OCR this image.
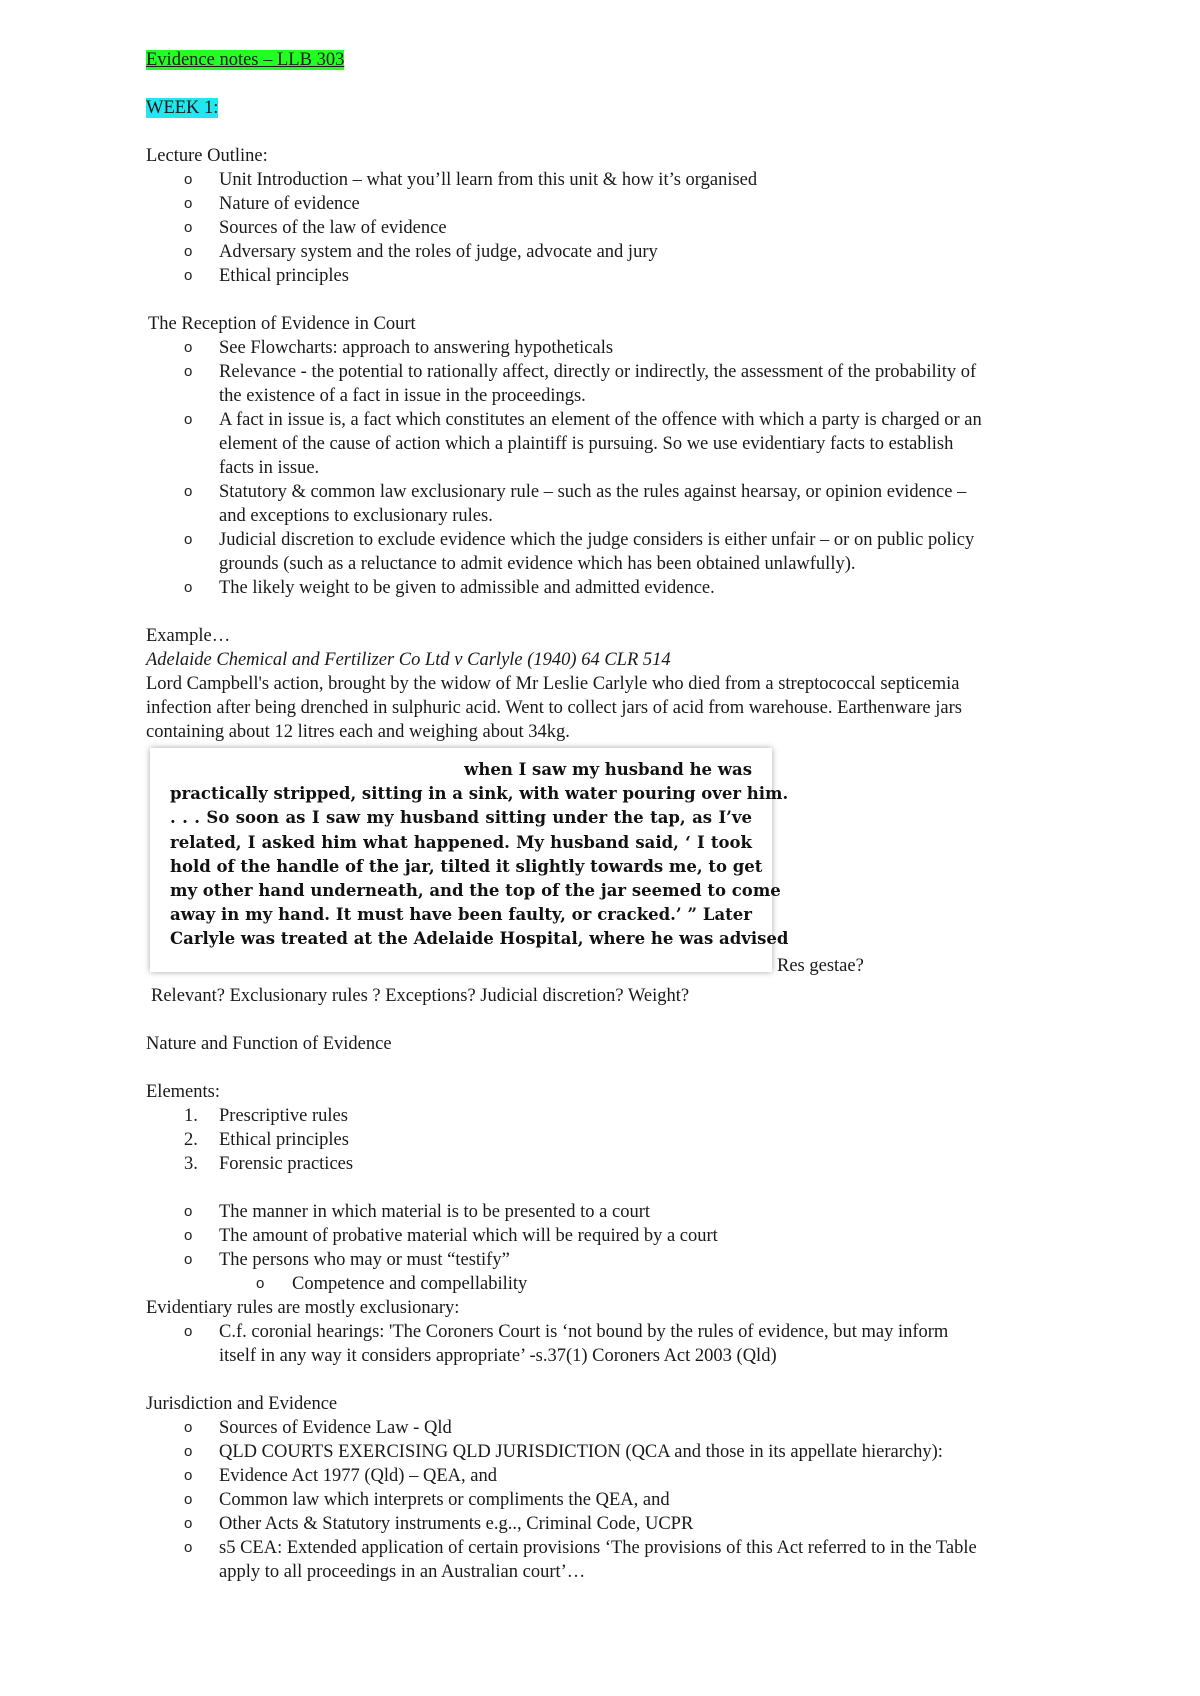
Evidence notes – LLB 303
WEEK 1:
Lecture Outline:
o Unit Introduction – what you’ll learn from this unit & how it’s organised
o Nature of evidence
o Sources of the law of evidence
o Adversary system and the roles of judge, advocate and jury
o Ethical principles
The Reception of Evidence in Court
o See Flowcharts: approach to answering hypotheticals
o Relevance - the potential to rationally affect, directly or indirectly, the assessment of the probability of
the existence of a fact in issue in the proceedings.
o A fact in issue is, a fact which constitutes an element of the offence with which a party is charged or an
element of the cause of action which a plaintiff is pursuing. So we use evidentiary facts to establish
facts in issue.
o Statutory & common law exclusionary rule – such as the rules against hearsay, or opinion evidence –
and exceptions to exclusionary rules.
o Judicial discretion to exclude evidence which the judge considers is either unfair – or on public policy
grounds (such as a reluctance to admit evidence which has been obtained unlawfully).
o The likely weight to be given to admissible and admitted evidence.
Example…
Adelaide Chemical and Fertilizer Co Ltd v Carlyle (1940) 64 CLR 514
Lord Campbell's action, brought by the widow of Mr Leslie Carlyle who died from a streptococcal septicemia
infection after being drenched in sulphuric acid. Went to collect jars of acid from warehouse. Earthenware jars
containing about 12 litres each and weighing about 34kg.
when I saw my husband he was
practically stripped, sitting in a sink, with water pouring over him.
. . . So soon as I saw my husband sitting under the tap, as I’ve
related, I asked him what happened. My husband said, ‘ I took
hold of the handle of the jar, tilted it slightly towards me, to get
my other hand underneath, and the top of the jar seemed to come
away in my hand. It must have been faulty, or cracked.’ ” Later
Carlyle was treated at the Adelaide Hospital, where he was advised
Res gestae?
Relevant? Exclusionary rules ? Exceptions? Judicial discretion? Weight?
Nature and Function of Evidence
Elements:
1. Prescriptive rules
2. Ethical principles
3. Forensic practices
o The manner in which material is to be presented to a court
o The amount of probative material which will be required by a court
o The persons who may or must “testify”
o Competence and compellability
Evidentiary rules are mostly exclusionary:
o C.f. coronial hearings: 'The Coroners Court is ‘not bound by the rules of evidence, but may inform
itself in any way it considers appropriate’ -s.37(1) Coroners Act 2003 (Qld)
Jurisdiction and Evidence
o Sources of Evidence Law - Qld
o QLD COURTS EXERCISING QLD JURISDICTION (QCA and those in its appellate hierarchy):
o Evidence Act 1977 (Qld) – QEA, and
o Common law which interprets or compliments the QEA, and
o Other Acts & Statutory instruments e.g.., Criminal Code, UCPR
o s5 CEA: Extended application of certain provisions ‘The provisions of this Act referred to in the Table
apply to all proceedings in an Australian court’…
